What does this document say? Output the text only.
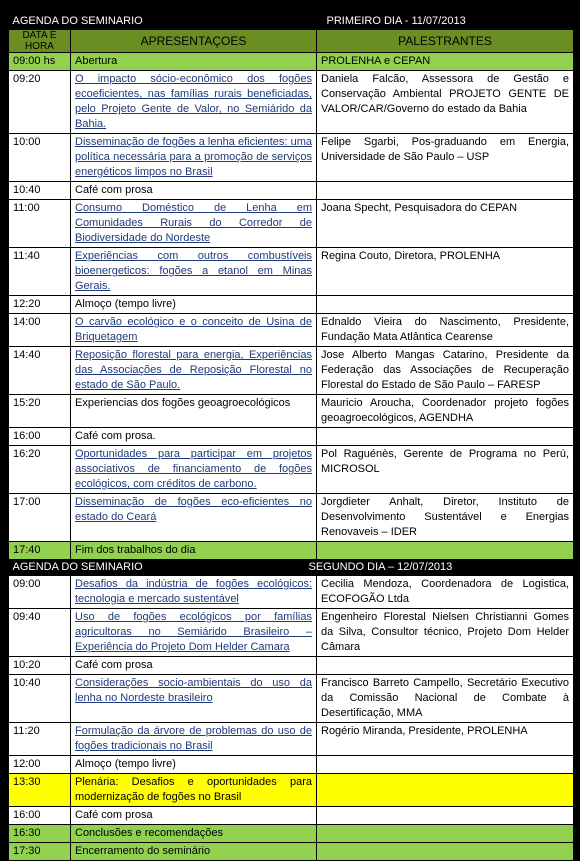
AGENDA DO SEMINARIO PRIMEIRO DIA - 11/07/2013		

DATA E HORA	APRESENTAÇOES	PALESTRANTES
09:00 hs	Abertura	PROLENHA e CEPAN
09:20	O impacto sócio-econômico dos fogões ecoeficientes, nas famílias rurais beneficiadas, pelo Projeto Gente de Valor, no Semiárido da Bahia.	Daniela Falcão, Assessora de Gestão e Conservação Ambiental PROJETO GENTE DE VALOR/CAR/Governo do estado da Bahia
10:00	Disseminação de fogões a lenha eficientes: uma política necessária para a promoção de serviços energéticos limpos no Brasil	Felipe Sgarbi, Pos-graduando em Energia, Universidade de São Paulo – USP
10:40	Café com prosa	
11:00	Consumo Doméstico de Lenha em Comunidades Rurais do Corredor de Biodiversidade do Nordeste	Joana Specht, Pesquisadora do CEPAN
11:40	Experiências com outros combustíveis bioenergeticos: fogões a etanol em Minas Gerais.	Regina Couto, Diretora, PROLENHA
12:20	Almoço (tempo livre)	
14:00	O carvão ecológico e o conceito de Usina de Briquetagem	Ednaldo Vieira do Nascimento, Presidente, Fundação Mata Atlântica Cearense
14:40	Reposição florestal para energia, Experiências das Associações de Reposição Florestal no estado de São Paulo.	Jose Alberto Mangas Catarino, Presidente da Federação das Associações de Recuperação Florestal do Estado de São Paulo – FARESP
15:20	Experiencias dos fogões geoagroecológicos	Mauricio Aroucha, Coordenador projeto fogões geoagroecológicos, AGENDHA
16:00	Café com prosa.	
16:20	Oportunidades para participar em projetos associativos de financiamento de fogões ecológicos, com créditos de carbono.	Pol Raguénès, Gerente de Programa no Perú, MICROSOL
17:00	Disseminação de fogões eco-eficientes no estado do Ceará	Jorgdieter Anhalt, Diretor, Instituto de Desenvolvimento Sustentável e Energias Renovaveis – IDER
17:40	Fim dos trabalhos do dia	
AGENDA DO SEMINARIO SEGUNDO DIA – 12/07/2013		

09:00	Desafios da indústria de fogões ecológicos: tecnologia e mercado sustentável	Cecilia Mendoza, Coordenadora de Logistica, ECOFOGÃO Ltda
09:40	Uso de fogões ecológicos por famílias agricultoras no Semiárido Brasileiro – Experiência do Projeto Dom Helder Camara	Engenheiro Florestal Nielsen Christianni Gomes da Silva, Consultor técnico, Projeto Dom Helder Câmara
10:20	Café com prosa	
10:40	Considerações socio-ambientais do uso da lenha no Nordeste brasileiro	Francisco Barreto Campello, Secretário Executivo da Comissão Nacional de Combate à Desertificação, MMA
11:20	Formulação da árvore de problemas do uso de fogões tradicionais no Brasil	Rogério Miranda, Presidente, PROLENHA
12:00	Almoço (tempo livre)	
13:30	Plenária: Desafios e oportunidades para modernização de fogões no Brasil	
16:00	Café com prosa	
16:30	Conclusões e recomendações	
17:30	Encerramento do seminário	
